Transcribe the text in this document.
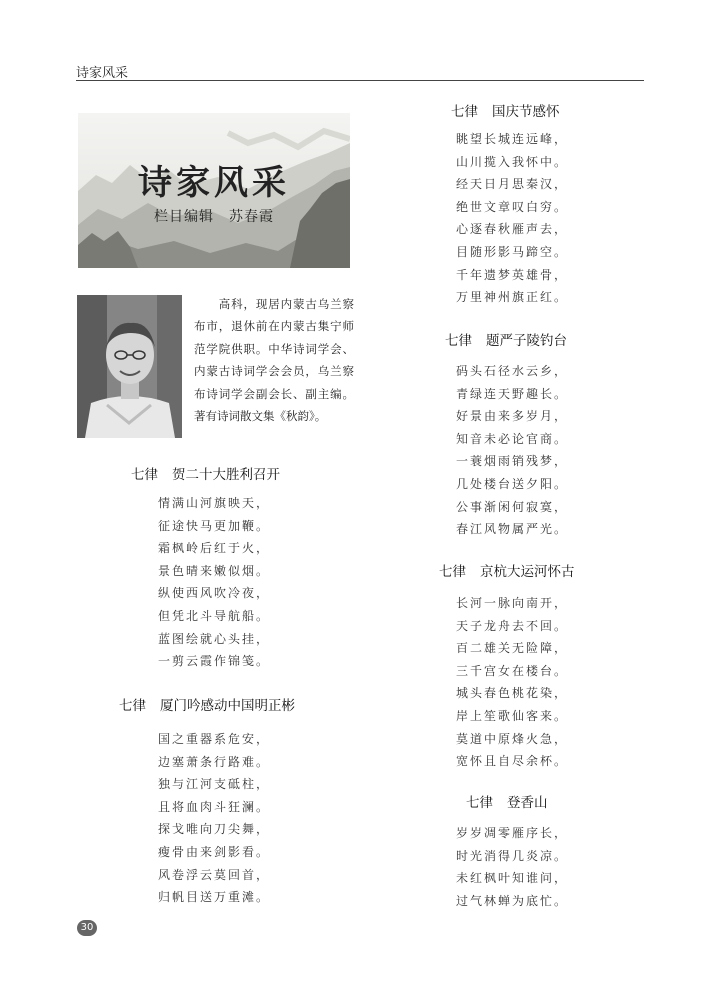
诗家风采
诗家风采
栏目编辑　苏春霞
　　高科，现居内蒙古乌兰察布市，退休前在内蒙古集宁师范学院供职。中华诗词学会、内蒙古诗词学会会员，乌兰察布诗词学会副会长、副主编。著有诗词散文集《秋韵》。
七律 贺二十大胜利召开
情满山河旗映天，
征途快马更加鞭。
霜枫岭后红于火，
景色晴来嫩似烟。
纵使西风吹冷夜，
但凭北斗导航船。
蓝图绘就心头挂，
一剪云霞作锦笺。
七律 厦门吟感动中国明正彬
国之重器系危安，
边塞萧条行路难。
独与江河支砥柱，
且将血肉斗狂澜。
探戈唯向刀尖舞，
瘦骨由来剑影看。
风卷浮云莫回首，
归帆目送万重滩。
七律 国庆节感怀
眺望长城连远峰，
山川揽入我怀中。
经天日月思秦汉，
绝世文章叹白穷。
心逐春秋雁声去，
目随形影马蹄空。
千年遗梦英雄骨，
万里神州旗正红。
七律 题严子陵钓台
码头石径水云乡，
青绿连天野趣长。
好景由来多岁月，
知音未必论官商。
一蓑烟雨销残梦，
几处楼台送夕阳。
公事渐闲何寂寞，
春江风物属严光。
七律 京杭大运河怀古
长河一脉向南开，
天子龙舟去不回。
百二雄关无险障，
三千宫女在楼台。
城头春色桃花染，
岸上笙歌仙客来。
莫道中原烽火急，
宽怀且自尽余杯。
七律 登香山
岁岁凋零雁序长，
时光消得几炎凉。
未红枫叶知谁问，
过气林蝉为底忙。
30
